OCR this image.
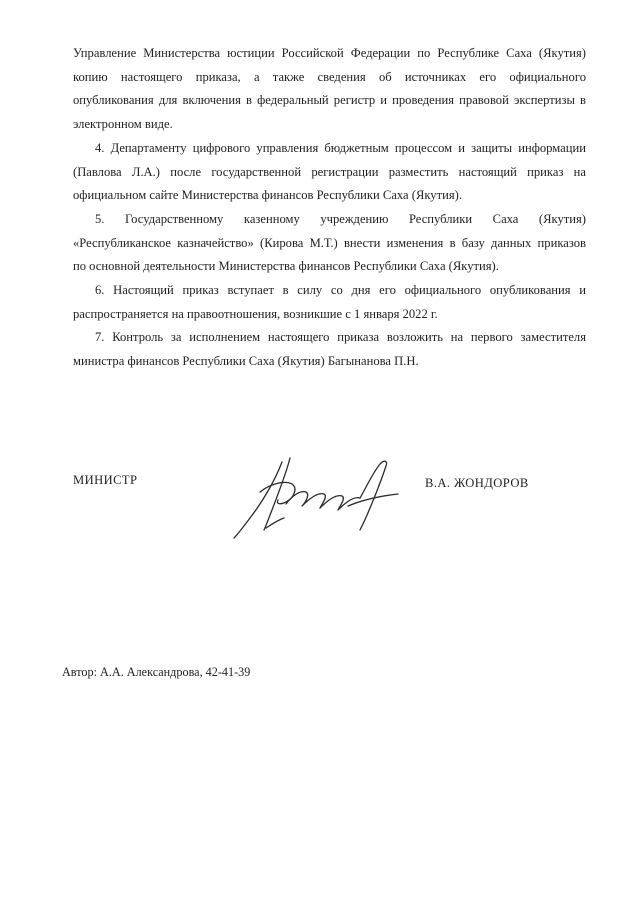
Управление Министерства юстиции Российской Федерации по Республике Саха (Якутия)
копию настоящего приказа, а также сведения об источниках его официального
опубликования для включения в федеральный регистр и проведения правовой экспертизы в
электронном виде.

4. Департаменту цифрового управления бюджетным процессом и защиты информации
(Павлова Л.А.) после государственной регистрации разместить настоящий приказ на
официальном сайте Министерства финансов Республики Саха (Якутия).

5. Государственному казенному учреждению Республики Саха (Якутия)
«Республиканское казначейство» (Кирова М.Т.) внести изменения в базу данных приказов
по основной деятельности Министерства финансов Республики Саха (Якутия).

6. Настоящий приказ вступает в силу со дня его официального опубликования и
распространяется на правоотношения, возникшие с 1 января 2022 г.

7. Контроль за исполнением настоящего приказа возложить на первого заместителя
министра финансов Республики Саха (Якутия) Багынанова П.Н.

МИНИСТР	В.А. ЖОНДОРОВ
Автор: А.А. Александрова, 42-41-39
